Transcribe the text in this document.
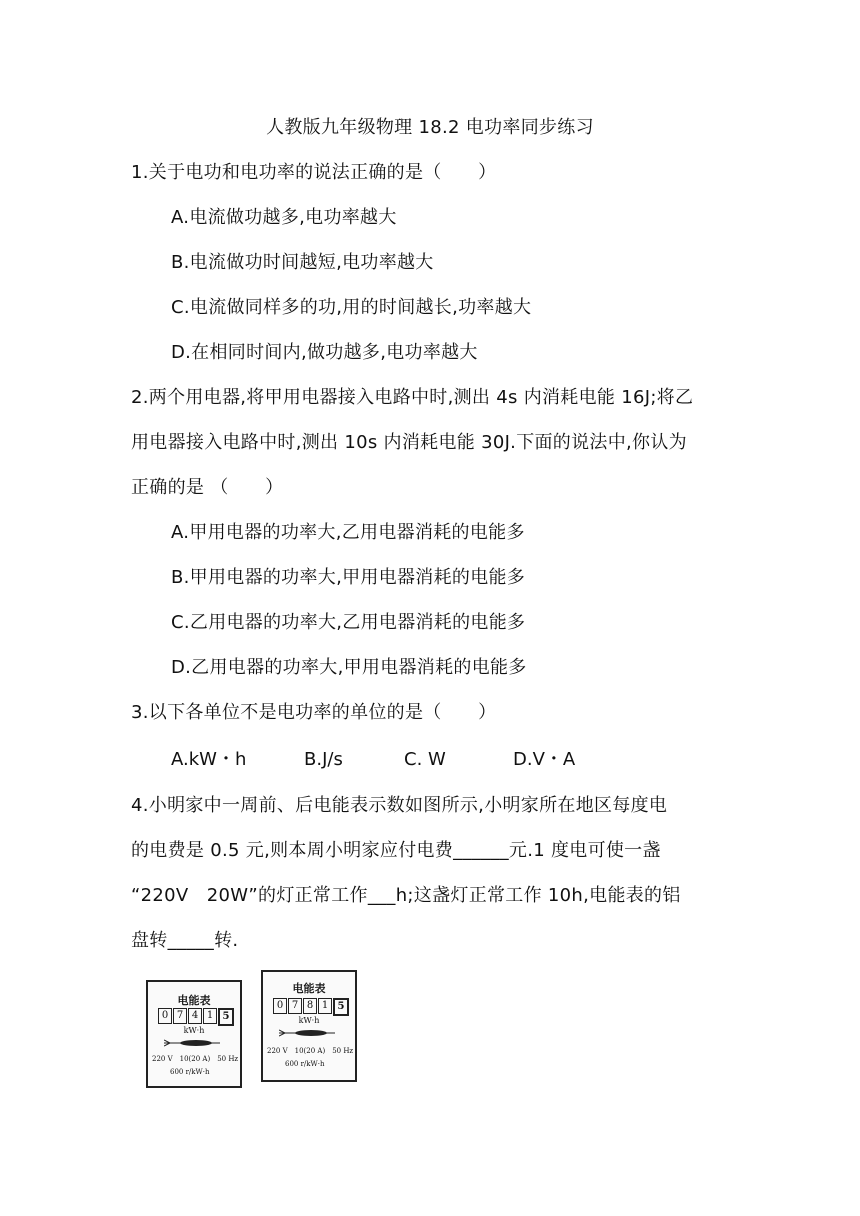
人教版九年级物理 18.2 电功率同步练习
1.关于电功和电功率的说法正确的是（　　）
A.电流做功越多,电功率越大
B.电流做功时间越短,电功率越大
C.电流做同样多的功,用的时间越长,功率越大
D.在相同时间内,做功越多,电功率越大
2.两个用电器,将甲用电器接入电路中时,测出 4s 内消耗电能 16J;将乙
用电器接入电路中时,测出 10s 内消耗电能 30J.下面的说法中,你认为
正确的是 （　　）
A.甲用电器的功率大,乙用电器消耗的电能多
B.甲用电器的功率大,甲用电器消耗的电能多
C.乙用电器的功率大,乙用电器消耗的电能多
D.乙用电器的功率大,甲用电器消耗的电能多
3.以下各单位不是电功率的单位的是（　　）
A.kW・h	B.J/s	C. W	D.V・A
4.小明家中一周前、后电能表示数如图所示,小明家所在地区每度电
的电费是 0.5 元,则本周小明家应付电费______元.1 度电可使一盏
“220V　20W”的灯正常工作___h;这盏灯正常工作 10h,电能表的铝
盘转_____转.
电能表
0 7 4 1 5
kW·h
220 V　10(20 A)　50 Hz
600 r/kW·h
电能表
0 7 8 1 5
kW·h
220 V　10(20 A)　50 Hz
600 r/kW·h
